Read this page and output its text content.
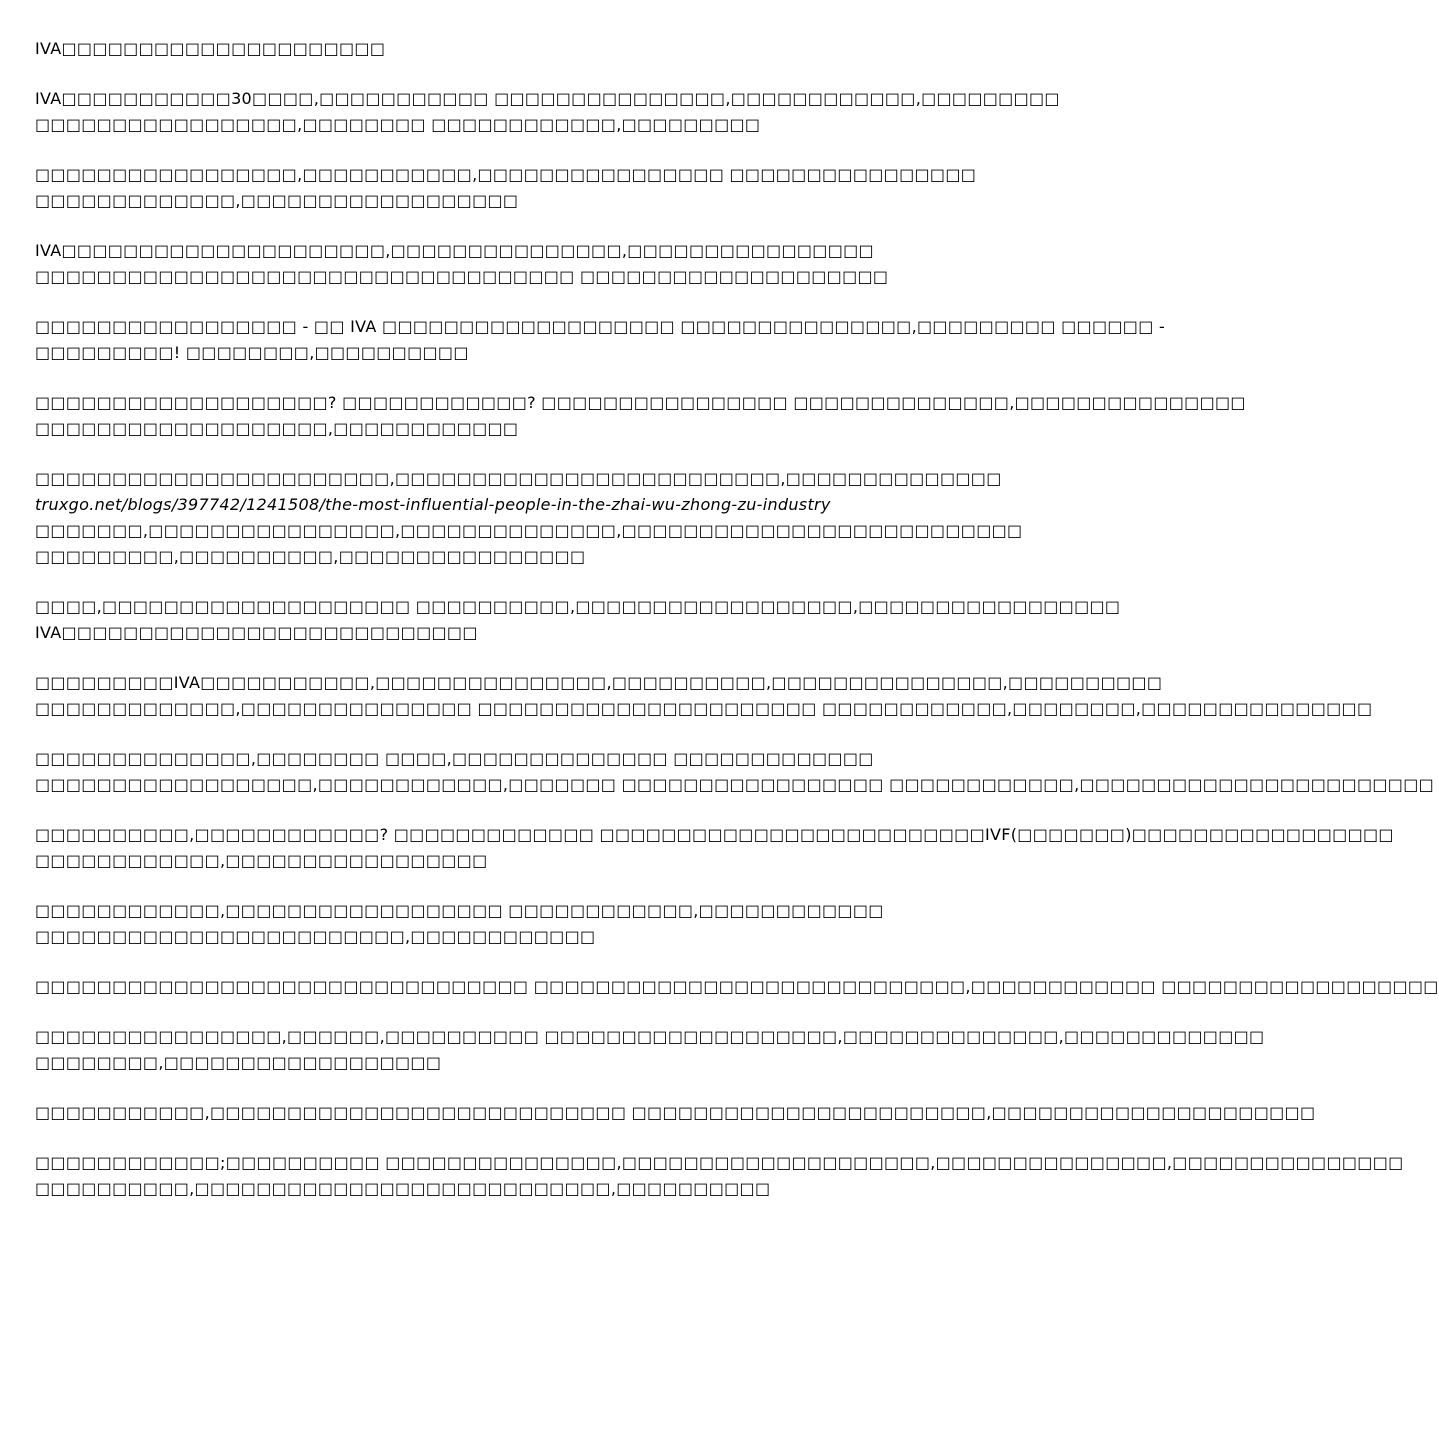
IVA□□□□□□□□□□□□□□□□□□□□□
IVA□□□□□□□□□□□30□□□□,□□□□□□□□□□□ □□□□□□□□□□□□□□□,□□□□□□□□□□□□,□□□□□□□□□
□□□□□□□□□□□□□□□□□,□□□□□□□□ □□□□□□□□□□□□,□□□□□□□□□
□□□□□□□□□□□□□□□□□,□□□□□□□□□□□,□□□□□□□□□□□□□□□□ □□□□□□□□□□□□□□□□
□□□□□□□□□□□□□,□□□□□□□□□□□□□□□□□□
IVA□□□□□□□□□□□□□□□□□□□□□,□□□□□□□□□□□□□□□,□□□□□□□□□□□□□□□□
□□□□□□□□□□□□□□□□□□□□□□□□□□□□□□□□□□□ □□□□□□□□□□□□□□□□□□□□
□□□□□□□□□□□□□□□□□ - □□ IVA □□□□□□□□□□□□□□□□□□□ □□□□□□□□□□□□□□□,□□□□□□□□□ □□□□□□ -
□□□□□□□□□! □□□□□□□□,□□□□□□□□□□
□□□□□□□□□□□□□□□□□□□? □□□□□□□□□□□□? □□□□□□□□□□□□□□□□ □□□□□□□□□□□□□□,□□□□□□□□□□□□□□□
□□□□□□□□□□□□□□□□□□□,□□□□□□□□□□□□
□□□□□□□□□□□□□□□□□□□□□□□,□□□□□□□□□□□□□□□□□□□□□□□□□,□□□□□□□□□□□□□□
truxgo.net/blogs/397742/1241508/the-most-influential-people-in-the-zhai-wu-zhong-zu-industry
□□□□□□□,□□□□□□□□□□□□□□□□,□□□□□□□□□□□□□□,□□□□□□□□□□□□□□□□□□□□□□□□□□
□□□□□□□□□,□□□□□□□□□□,□□□□□□□□□□□□□□□□
□□□□,□□□□□□□□□□□□□□□□□□□□ □□□□□□□□□□,□□□□□□□□□□□□□□□□□□,□□□□□□□□□□□□□□□□□
IVA□□□□□□□□□□□□□□□□□□□□□□□□□□□
□□□□□□□□□IVA□□□□□□□□□□□,□□□□□□□□□□□□□□□,□□□□□□□□□□,□□□□□□□□□□□□□□□,□□□□□□□□□□
□□□□□□□□□□□□□,□□□□□□□□□□□□□□□ □□□□□□□□□□□□□□□□□□□□□□ □□□□□□□□□□□□,□□□□□□□□,□□□□□□□□□□□□□□□
□□□□□□□□□□□□□□,□□□□□□□□ □□□□,□□□□□□□□□□□□□□ □□□□□□□□□□□□□
□□□□□□□□□□□□□□□□□□,□□□□□□□□□□□□,□□□□□□□ □□□□□□□□□□□□□□□□□ □□□□□□□□□□□□,□□□□□□□□□□□□□□□□□□□□□□□
□□□□□□□□□□,□□□□□□□□□□□□? □□□□□□□□□□□□□ □□□□□□□□□□□□□□□□□□□□□□□□□IVF(□□□□□□□)□□□□□□□□□□□□□□□□□
□□□□□□□□□□□□,□□□□□□□□□□□□□□□□□
□□□□□□□□□□□□,□□□□□□□□□□□□□□□□□□ □□□□□□□□□□□□,□□□□□□□□□□□□
□□□□□□□□□□□□□□□□□□□□□□□□,□□□□□□□□□□□□
□□□□□□□□□□□□□□□□□□□□□□□□□□□□□□□□ □□□□□□□□□□□□□□□□□□□□□□□□□□□□,□□□□□□□□□□□□ □□□□□□□□□□□□□□□□□□
□□□□□□□□□□□□□□□□,□□□□□□,□□□□□□□□□□ □□□□□□□□□□□□□□□□□□□,□□□□□□□□□□□□□□,□□□□□□□□□□□□□
□□□□□□□□,□□□□□□□□□□□□□□□□□□
□□□□□□□□□□□,□□□□□□□□□□□□□□□□□□□□□□□□□□□ □□□□□□□□□□□□□□□□□□□□□□□,□□□□□□□□□□□□□□□□□□□□□
□□□□□□□□□□□□;□□□□□□□□□□ □□□□□□□□□□□□□□□,□□□□□□□□□□□□□□□□□□□□,□□□□□□□□□□□□□□□,□□□□□□□□□□□□□□□
□□□□□□□□□□,□□□□□□□□□□□□□□□□□□□□□□□□□□□,□□□□□□□□□□
